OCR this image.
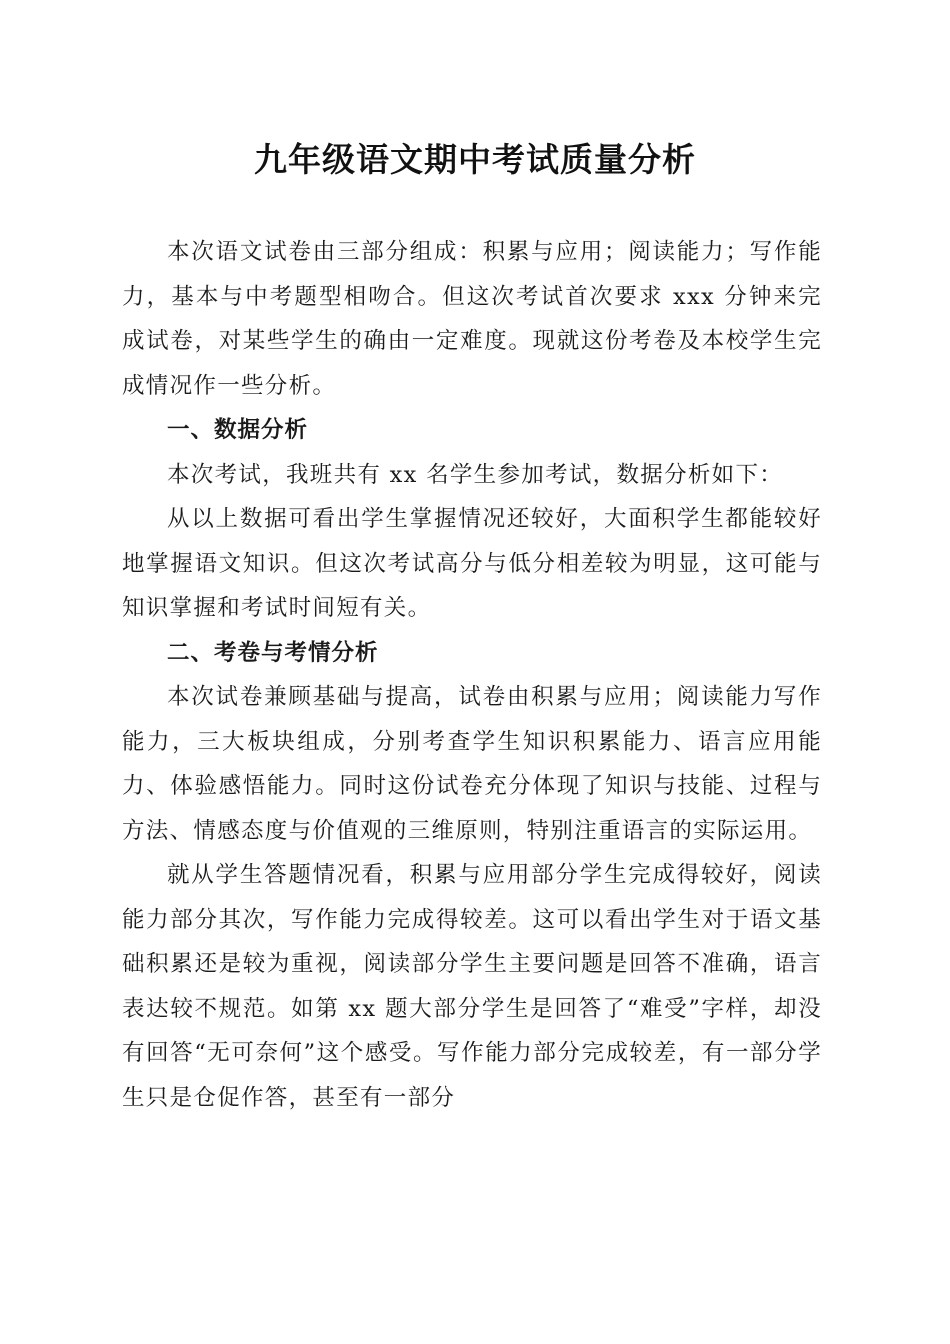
九年级语文期中考试质量分析

本次语文试卷由三部分组成：积累与应用；阅读能力；写作能力，基本与中考题型相吻合。但这次考试首次要求 xxx 分钟来完成试卷，对某些学生的确由一定难度。现就这份考卷及本校学生完成情况作一些分析。

一、数据分析

本次考试，我班共有 xx 名学生参加考试，数据分析如下：

从以上数据可看出学生掌握情况还较好，大面积学生都能较好地掌握语文知识。但这次考试高分与低分相差较为明显，这可能与知识掌握和考试时间短有关。

二、考卷与考情分析

本次试卷兼顾基础与提高，试卷由积累与应用；阅读能力写作能力，三大板块组成，分别考查学生知识积累能力、语言应用能力、体验感悟能力。同时这份试卷充分体现了知识与技能、过程与方法、情感态度与价值观的三维原则，特别注重语言的实际运用。

就从学生答题情况看，积累与应用部分学生完成得较好，阅读能力部分其次，写作能力完成得较差。这可以看出学生对于语文基础积累还是较为重视，阅读部分学生主要问题是回答不准确，语言表达较不规范。如第 xx 题大部分学生是回答了“难受”字样，却没有回答“无可奈何”这个感受。写作能力部分完成较差，有一部分学生只是仓促作答，甚至有一部分
